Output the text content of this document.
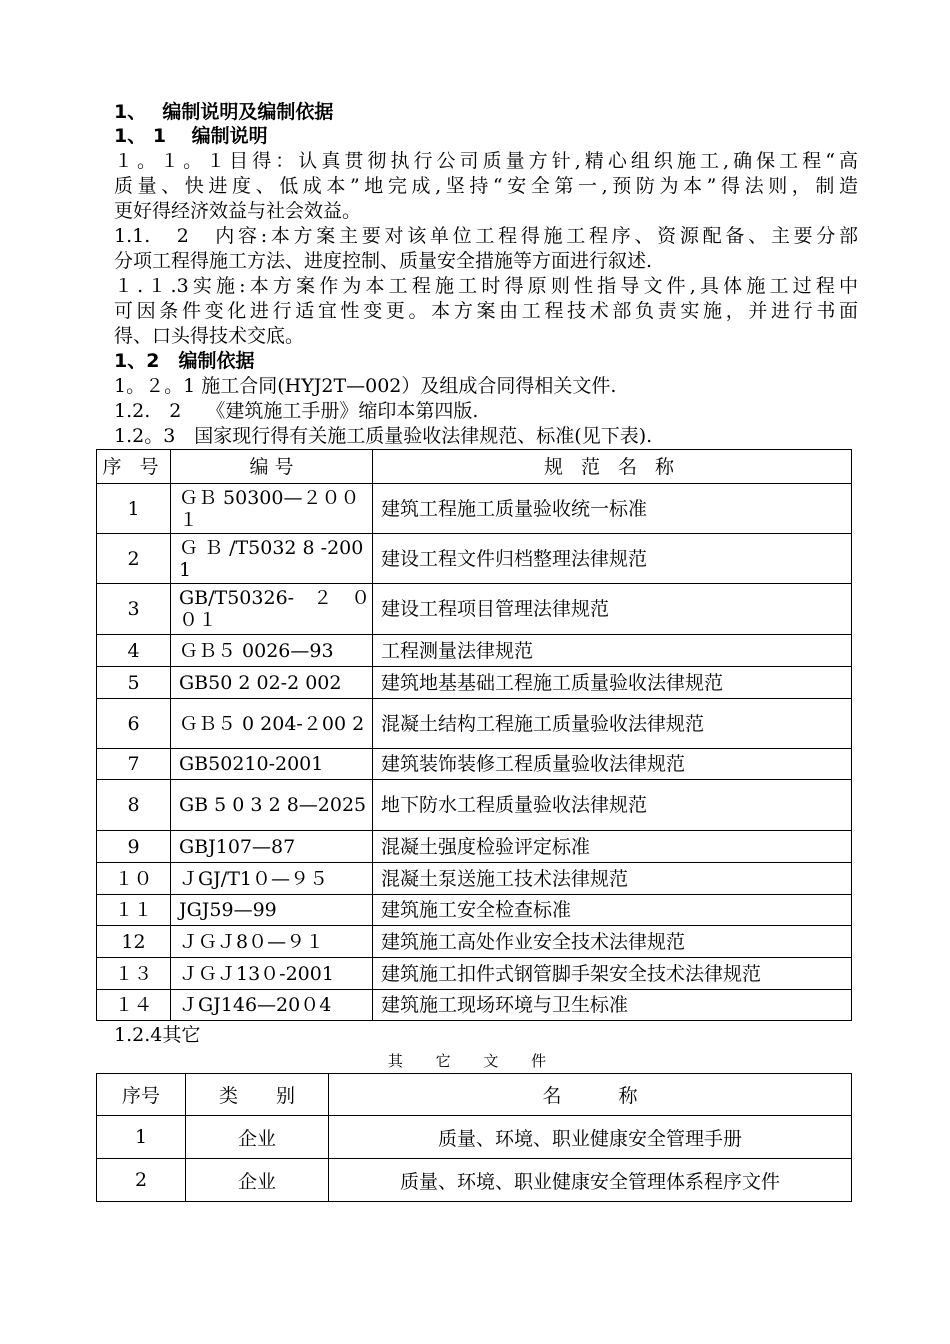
1、　 编制说明及编制依据
1、 1　 编制说明
１。１。１目得：认真贯彻执行公司质量方针,精心组织施工,确保工程“高
质量、快进度、低成本”地完成,坚持“安全第一,预防为本”得法则，制造
更好得经济效益与社会效益。
1.1.　2　内容:本方案主要对该单位工程得施工程序、资源配备、主要分部
分项工程得施工方法、进度控制、质量安全措施等方面进行叙述.
１.１.3实施:本方案作为本工程施工时得原则性指导文件,具体施工过程中
可因条件变化进行适宜性变更。本方案由工程技术部负责实施，并进行书面
得、口头得技术交底。
1、2　编制依据
1。２。1 施工合同(HYJ2T—002）及组成合同得相关文件.
1.2.　2　 《建筑施工手册》缩印本第四版.
1.2。3　国家现行得有关施工质量验收法律规范、标准(见下表).
序 号	编 号	规 范 名 称
1	ＧＢ 50300—２００１	建筑工程施工质量验收统一标准
2	Ｇ Ｂ /T5032 8 -2001	建设工程文件归档整理法律规范
3	GB/T50326-　２　００１	建设工程项目管理法律规范
4	ＧＢ５ 0026—93	工程测量法律规范
5	GB50 2 02-2 002	建筑地基基础工程施工质量验收法律规范
6	ＧＢ５ 0 204-２00 2	混凝土结构工程施工质量验收法律规范
7	GB50210-2001	建筑装饰装修工程质量验收法律规范
8	GB 5 0 3 2 8—2025	地下防水工程质量验收法律规范
9	GBJ107—87	混凝土强度检验评定标准
１０	ＪGJ/T1０—９５	混凝土泵送施工技术法律规范
１１	JGJ59—99	建筑施工安全检查标准
12	ＪＧＪ8０—９１	建筑施工高处作业安全技术法律规范
１３	ＪＧＪ13０-2001	建筑施工扣件式钢管脚手架安全技术法律规范
１４	ＪGJ146—20０4	建筑施工现场环境与卫生标准
1.2.4其它
其 它 文 件
序号	类　　别	名　　　称
1	企业	质量、环境、职业健康安全管理手册
2	企业	质量、环境、职业健康安全管理体系程序文件
